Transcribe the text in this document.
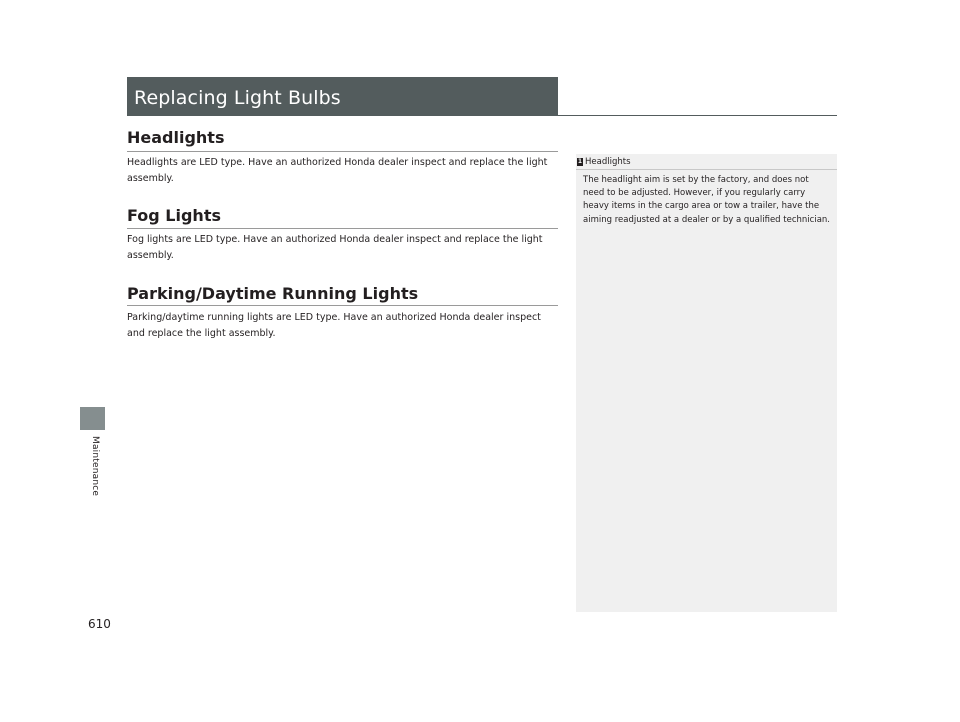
Replacing Light Bulbs
Maintenance
Headlights

Headlights are LED type. Have an authorized Honda dealer inspect and replace the light assembly.

Fog Lights

Fog lights are LED type. Have an authorized Honda dealer inspect and replace the light assembly.

Parking/Daytime Running Lights

Parking/daytime running lights are LED type. Have an authorized Honda dealer inspect and replace the light assembly.

1 Headlights

The headlight aim is set by the factory, and does not need to be adjusted. However, if you regularly carry heavy items in the cargo area or tow a trailer, have the aiming readjusted at a dealer or by a qualified technician.

610
